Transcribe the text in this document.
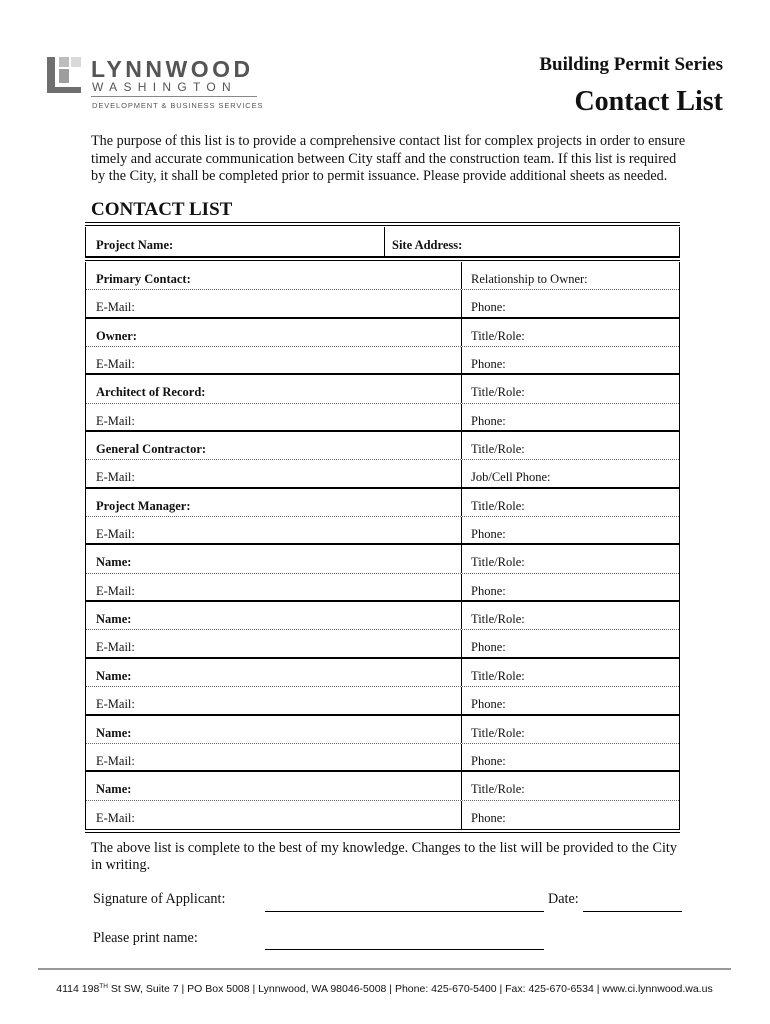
LYNNWOOD
WASHINGTON
DEVELOPMENT & BUSINESS SERVICES
Building Permit Series
Contact List

The purpose of this list is to provide a comprehensive contact list for complex projects in order to ensure timely and accurate communication between City staff and the construction team. If this list is required by the City, it shall be completed prior to permit issuance. Please provide additional sheets as needed.

CONTACT LIST
Project Name:	Site Address:
Primary Contact:	Relationship to Owner:
E-Mail:	Phone:
Owner:	Title/Role:
E-Mail:	Phone:
Architect of Record:	Title/Role:
E-Mail:	Phone:
General Contractor:	Title/Role:
E-Mail:	Job/Cell Phone:
Project Manager:	Title/Role:
E-Mail:	Phone:
Name:	Title/Role:
E-Mail:	Phone:
Name:	Title/Role:
E-Mail:	Phone:
Name:	Title/Role:
E-Mail:	Phone:
Name:	Title/Role:
E-Mail:	Phone:
Name:	Title/Role:
E-Mail:	Phone:

The above list is complete to the best of my knowledge. Changes to the list will be provided to the City in writing.

Signature of Applicant:	Date:
Please print name:
4114 198TH St SW, Suite 7 | PO Box 5008 | Lynnwood, WA 98046-5008 | Phone: 425-670-5400 | Fax: 425-670-6534 | www.ci.lynnwood.wa.us
